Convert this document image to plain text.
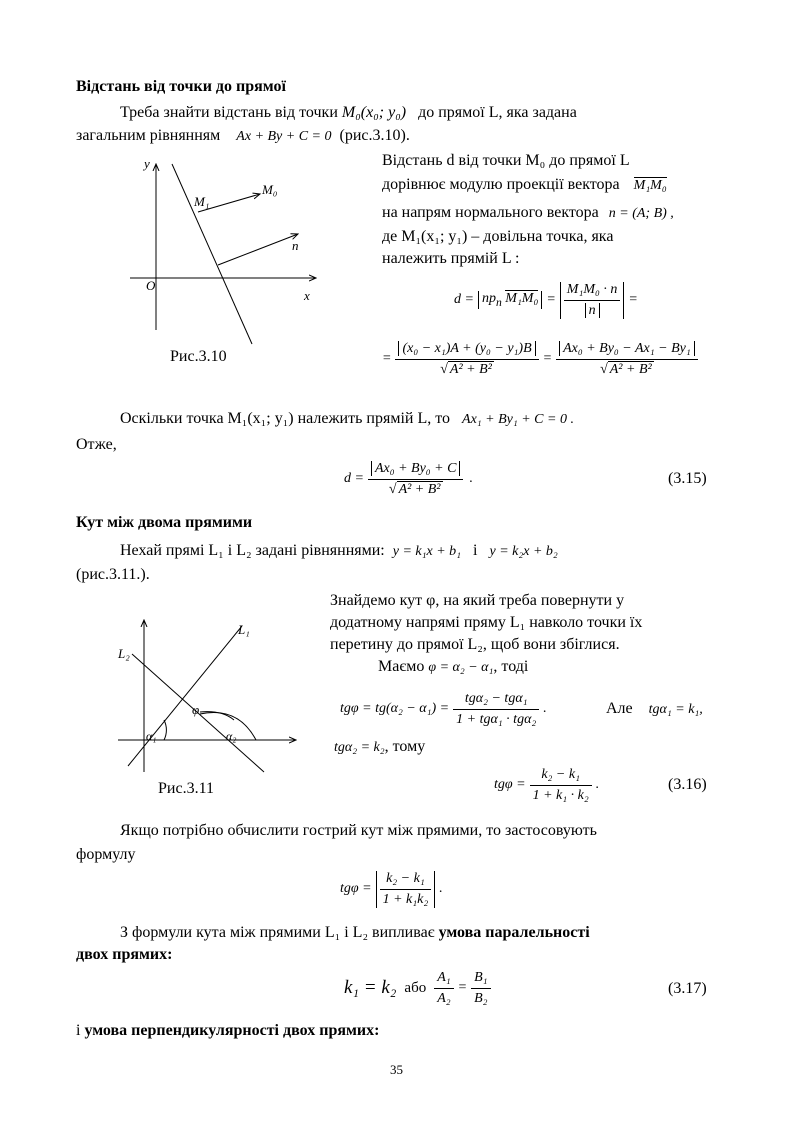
Відстань від точки до прямої
Треба знайти відстань від точки M₀(x₀; y₀) до прямої L, яка задана
загальним рівнянням Ax + By + C = 0 (рис.3.10).
y
x
O
M₁
M₀
n
Рис.3.10
Відстань d від точки M₀ до прямої L
дорівнює модулю проекції вектора M₁M₀
на напрям нормального вектора n = (A; B) ,
де M₁(x₁; y₁) – довільна точка, яка
належить прямій L :
$d = np_n$ $M_1M_0 = \frac{\text{M₁M₀ · n}}{n}$ =
= $\frac{\text{(x₀ − x₁)A + (y₀ − y₁)B}}{\text{√ A² + B²}} = \frac{\text{Ax₀ + By₀ − Ax₁ − By₁}}{\text{√ A² + B²}}$
Оскільки точка M₁(x₁; y₁) належить прямій L, то Ax₁ + By₁ + C = 0 .
Отже,
$d = \frac{\text{Ax₀ + By₀ + C}}{\text{√ A² + B²}}$ .	(3.15)
Кут між двома прямими
Нехай прямі L₁ і L₂ задані рівняннями: y = k₁x + b₁ і y = k₂x + b₂
(рис.3.11.).
L₁
L₂
φ
α₁	α₂
Рис.3.11
Знайдемо кут φ, на який треба повернути у
додатному напрямі пряму L₁ навколо точки їх
перетину до прямої L₂, щоб вони збіглися.
Маємо φ = α₂ − α₁, тоді
$tg\varphi = tg(\alpha_2 - \alpha_1) = \frac{\text{tgα₂ − tgα₁}}{\text{1 + tgα₁ · tgα₂}}$ .	Але tgα₁ = k₁,
tgα₂ = k₂, тому
$tg\varphi = \frac{\text{k₂ − k₁}}{\text{1 + k₁ · k₂}}$ .	(3.16)
Якщо потрібно обчислити гострий кут між прямими, то застосовують
формулу
$tg\varphi = \frac{\text{k₂ − k₁}}{\text{1 + k₁k₂}}$ .
З формули кута між прямими L₁ і L₂ випливає умова паралельності
двох прямих:
k₁ = k₂ або $\frac{\text{A₁}}{\text{A₂}} = \frac{\text{B₁}}{\text{B₂}}$	(3.17)
і умова перпендикулярності двох прямих:
35
